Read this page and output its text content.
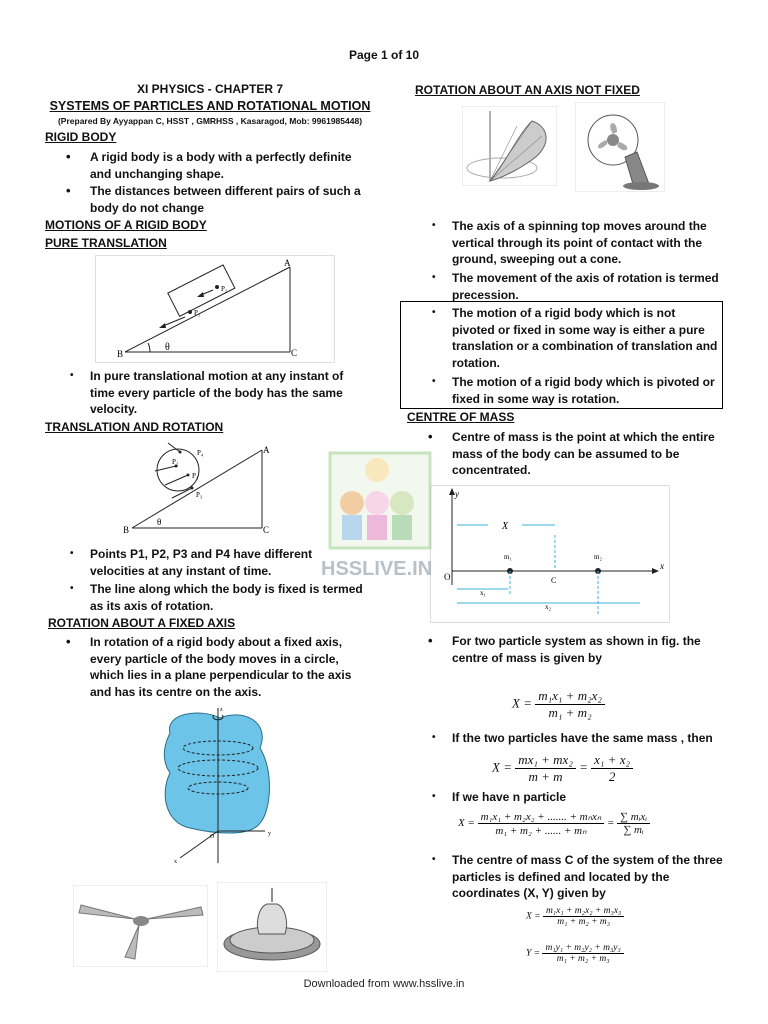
Page 1 of 10
XI PHYSICS - CHAPTER 7
SYSTEMS OF PARTICLES AND ROTATIONAL MOTION
(Prepared By Ayyappan C, HSST , GMRHSS , Kasaragod, Mob: 9961985448)
RIGID BODY
• A rigid body is a body with a perfectly definite and unchanging shape.
• The distances between different pairs of such a body do not change
MOTIONS OF A RIGID BODY
PURE TRANSLATION
P₁
P₂
B	C
A
θ
• In pure translational motion at any instant of time every particle of the body has the same velocity.
TRANSLATION AND ROTATION
P₄
P₂
P₁
P₃
B	C
A
θ
• Points P1, P2, P3 and P4 have different velocities at any instant of time.
• The line along which the body is fixed is termed as its axis of rotation.
ROTATION ABOUT A FIXED AXIS
• In rotation of a rigid body about a fixed axis, every particle of the body moves in a circle, which lies in a plane perpendicular to the axis and has its centre on the axis.
z
y
x
O
ROTATION ABOUT AN AXIS NOT FIXED
• The axis of a spinning top moves around the vertical through its point of contact with the ground, sweeping out a cone.
• The movement of the axis of rotation is termed precession.
• The motion of a rigid body which is not pivoted or fixed in some way is either a pure translation or a combination of translation and rotation.
• The motion of a rigid body which is pivoted or fixed in some way is rotation.
CENTRE OF MASS
• Centre of mass is the point at which the entire mass of the body can be assumed to be concentrated.
X
m₁	m₂
C
O
x
y
x₁
x₂
HSSLIVE.IN
• For two particle system as shown in fig. the centre of mass is given by
$X = \frac{\text{m₁x₁ + m₂x₂}}{\text{m₁ + m₂}}$
• If the two particles have the same mass , then
$X = \frac{\text{mx₁ + mx₂}}{m + m} = \frac{\text{x₁ + x₂}}{2}$
• If we have n particle
$X = \frac{\text{m₁x₁ + m₂x₂ + ....... + mₙxₙ}}{\text{m₁ + m₂ + ...... + mₙ}} = \frac{\text{∑ mᵢxᵢ}}{\text{∑ mᵢ}}$
• The centre of mass C of the system of the three particles is defined and located by the coordinates (X, Y) given by
$X = \frac{\text{m₁x₁ + m₂x₂ + m₃x₃}}{\text{m₁ + m₂ + m₃}}$
$Y = \frac{\text{m₁y₁ + m₂y₂ + m₃y₃}}{\text{m₁ + m₂ + m₃}}$
Downloaded from www.hsslive.in
